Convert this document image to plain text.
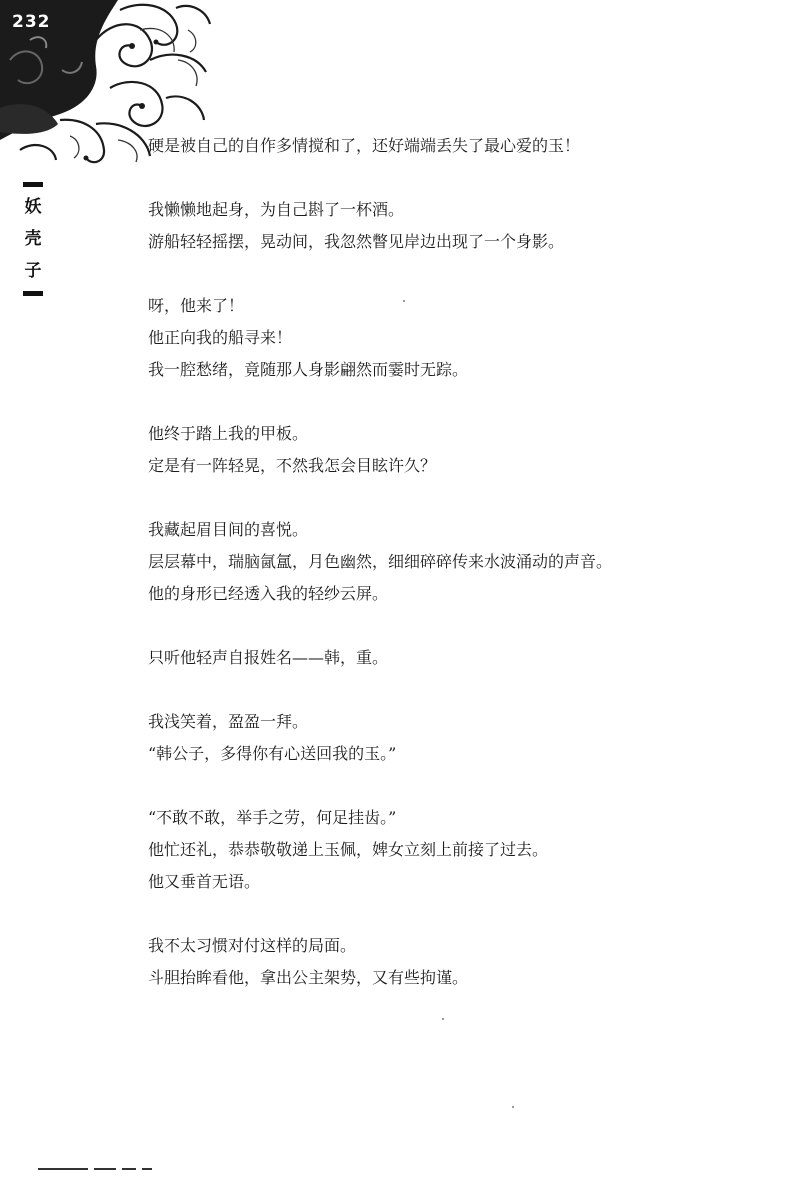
232
妖
壳
子

硬是被自己的自作多情搅和了，还好端端丢失了最心爱的玉！

我懒懒地起身，为自己斟了一杯酒。
游船轻轻摇摆，晃动间，我忽然瞥见岸边出现了一个身影。

呀，他来了！
他正向我的船寻来！
我一腔愁绪，竟随那人身影翩然而霎时无踪。

他终于踏上我的甲板。
定是有一阵轻晃，不然我怎会目眩许久？

我藏起眉目间的喜悦。
层层幕中，瑞脑氤氲，月色幽然，细细碎碎传来水波涌动的声音。
他的身形已经透入我的轻纱云屏。

只听他轻声自报姓名——韩，重。

我浅笑着，盈盈一拜。
“韩公子，多得你有心送回我的玉。”

“不敢不敢，举手之劳，何足挂齿。”
他忙还礼，恭恭敬敬递上玉佩，婢女立刻上前接了过去。
他又垂首无语。

我不太习惯对付这样的局面。
斗胆抬眸看他，拿出公主架势，又有些拘谨。
